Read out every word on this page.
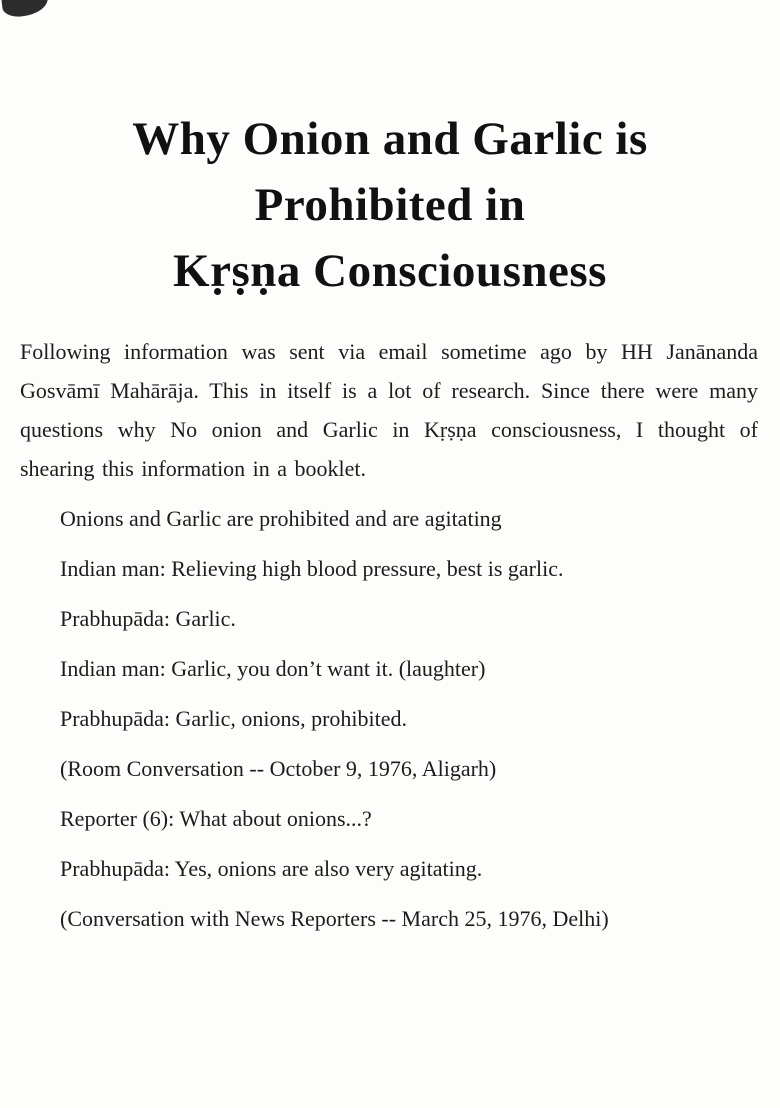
Why Onion and Garlic is
Prohibited in
Kṛṣṇa Consciousness

Following information was sent via email sometime ago by HH Janānanda Gosvāmī Mahārāja. This in itself is a lot of research. Since there were many questions why No onion and Garlic in Kṛṣṇa consciousness, I thought of shearing this information in a booklet.

Onions and Garlic are prohibited and are agitating

Indian man: Relieving high blood pressure, best is garlic.

Prabhupāda: Garlic.

Indian man: Garlic, you don’t want it. (laughter)

Prabhupāda: Garlic, onions, prohibited.

(Room Conversation -- October 9, 1976, Aligarh)

Reporter (6): What about onions...?

Prabhupāda: Yes, onions are also very agitating.

(Conversation with News Reporters -- March 25, 1976, Delhi)
